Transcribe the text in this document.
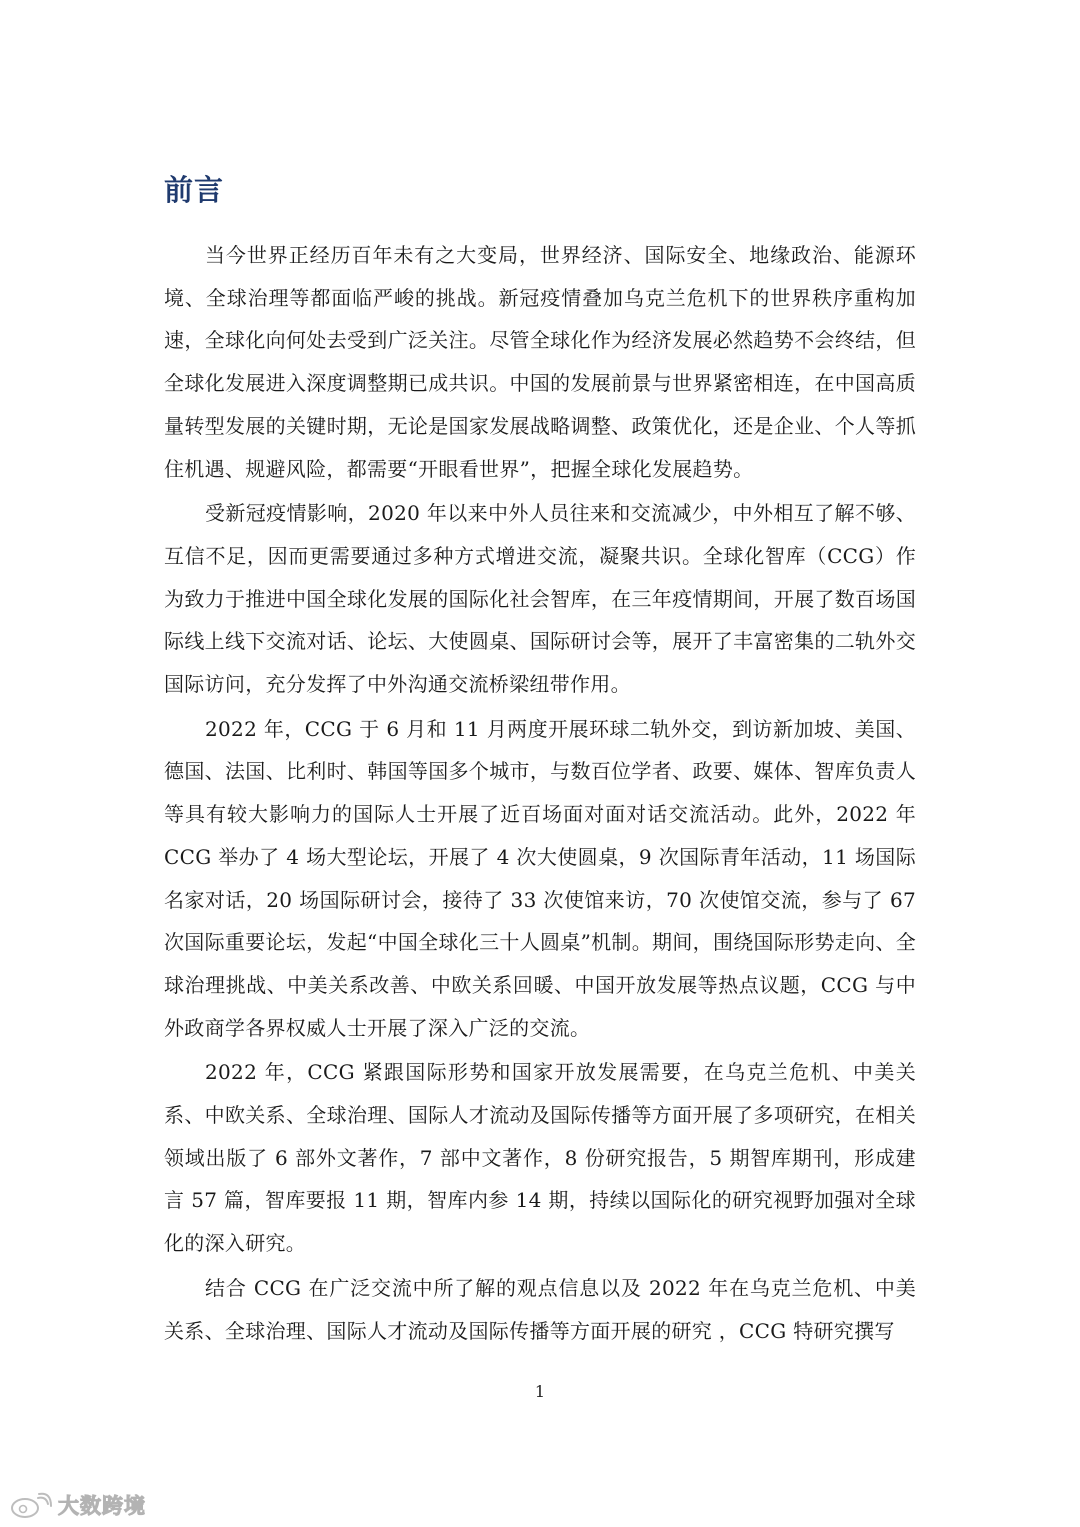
前言

当今世界正经历百年未有之大变局，世界经济、国际安全、地缘政治、能源环境、全球治理等都面临严峻的挑战。新冠疫情叠加乌克兰危机下的世界秩序重构加速，全球化向何处去受到广泛关注。尽管全球化作为经济发展必然趋势不会终结，但全球化发展进入深度调整期已成共识。中国的发展前景与世界紧密相连，在中国高质量转型发展的关键时期，无论是国家发展战略调整、政策优化，还是企业、个人等抓住机遇、规避风险，都需要“开眼看世界”，把握全球化发展趋势。

受新冠疫情影响，2020 年以来中外人员往来和交流减少，中外相互了解不够、互信不足，因而更需要通过多种方式增进交流，凝聚共识。全球化智库（CCG）作为致力于推进中国全球化发展的国际化社会智库，在三年疫情期间，开展了数百场国际线上线下交流对话、论坛、大使圆桌、国际研讨会等，展开了丰富密集的二轨外交国际访问，充分发挥了中外沟通交流桥梁纽带作用。

2022 年，CCG 于 6 月和 11 月两度开展环球二轨外交，到访新加坡、美国、德国、法国、比利时、韩国等国多个城市，与数百位学者、政要、媒体、智库负责人等具有较大影响力的国际人士开展了近百场面对面对话交流活动。此外，2022 年 CCG 举办了 4 场大型论坛，开展了 4 次大使圆桌，9 次国际青年活动，11 场国际名家对话，20 场国际研讨会，接待了 33 次使馆来访，70 次使馆交流，参与了 67 次国际重要论坛，发起“中国全球化三十人圆桌”机制。期间，围绕国际形势走向、全球治理挑战、中美关系改善、中欧关系回暖、中国开放发展等热点议题，CCG 与中外政商学各界权威人士开展了深入广泛的交流。

2022 年，CCG 紧跟国际形势和国家开放发展需要，在乌克兰危机、中美关系、中欧关系、全球治理、国际人才流动及国际传播等方面开展了多项研究，在相关领域出版了 6 部外文著作，7 部中文著作，8 份研究报告，5 期智库期刊，形成建言 57 篇，智库要报 11 期，智库内参 14 期，持续以国际化的研究视野加强对全球化的深入研究。

结合 CCG 在广泛交流中所了解的观点信息以及 2022 年在乌克兰危机、中美关系、全球治理、国际人才流动及国际传播等方面开展的研究 ，CCG 特研究撰写

1
大数跨境
